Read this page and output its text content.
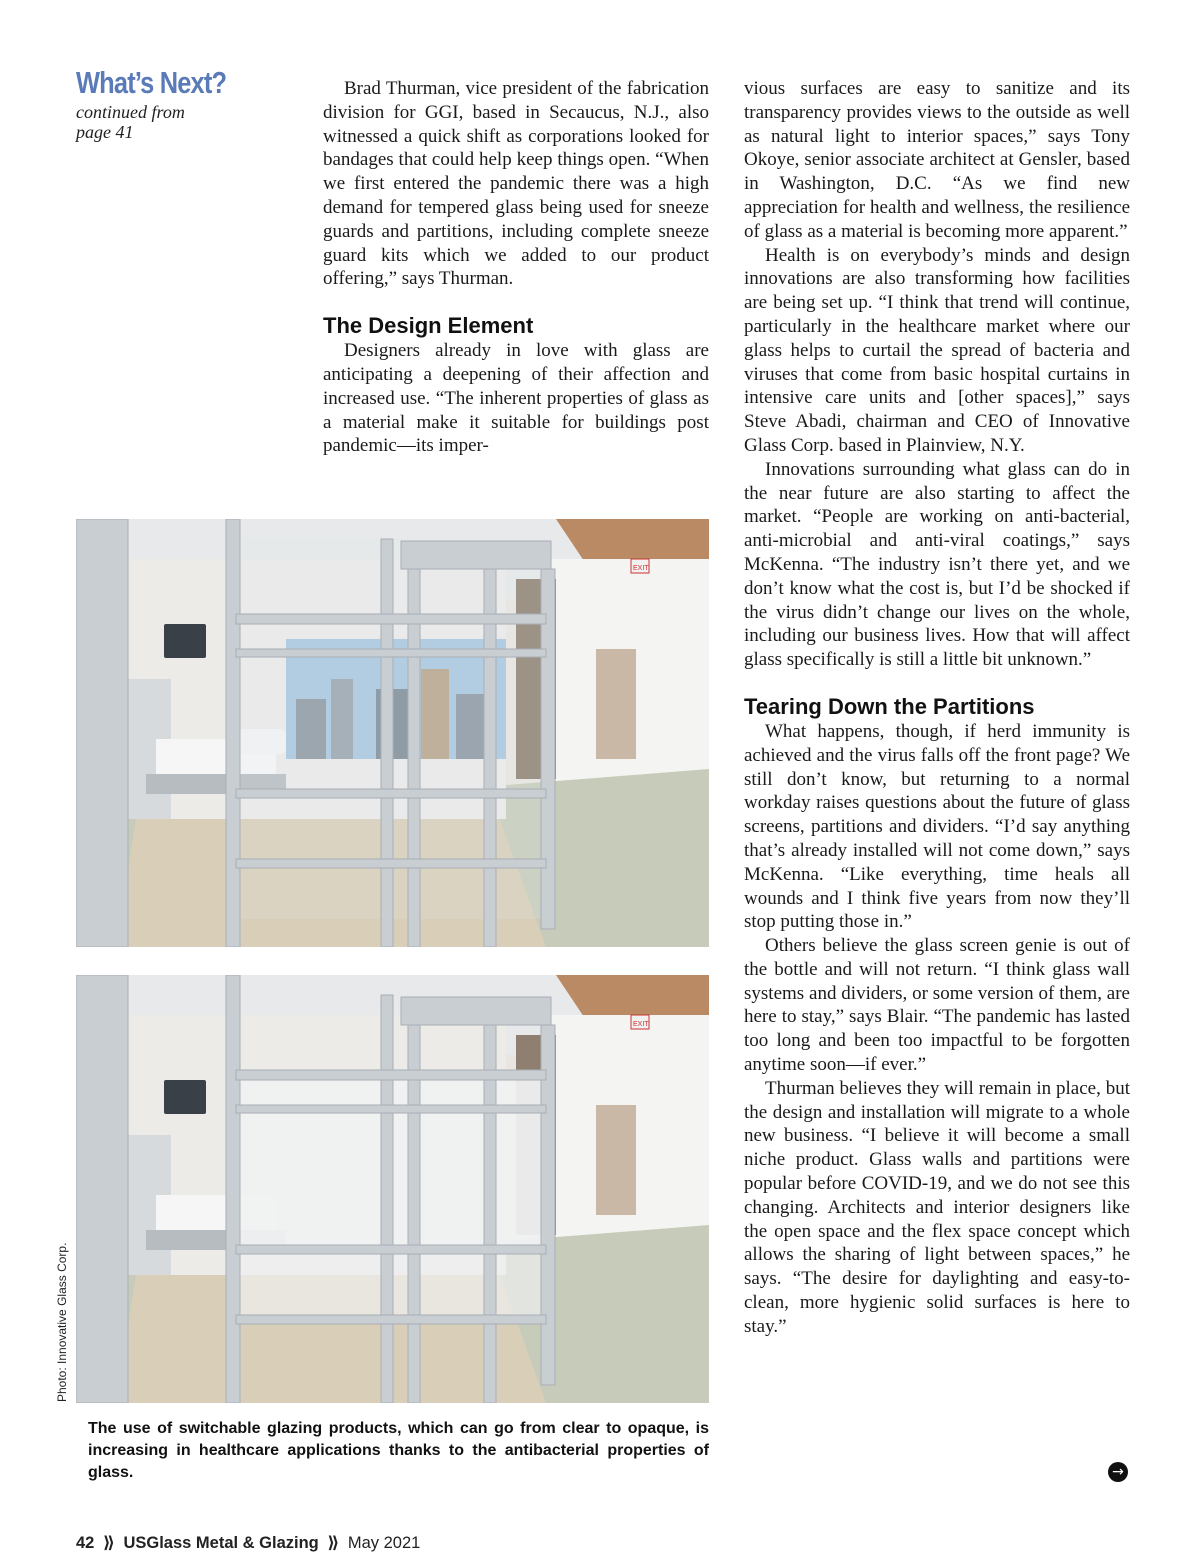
What’s Next?
continued from page 41

Brad Thurman, vice president of the fabrication division for GGI, based in Secaucus, N.J., also witnessed a quick shift as corporations looked for bandages that could help keep things open. “When we first entered the pandemic there was a high demand for tempered glass being used for sneeze guards and partitions, including complete sneeze guard kits which we added to our product offering,” says Thurman.

The Design Element

Designers already in love with glass are anticipating a deepening of their affection and increased use. “The inherent properties of glass as a material make it suitable for buildings post pandemic—its imper-

vious surfaces are easy to sanitize and its transparency provides views to the outside as well as natural light to interior spaces,” says Tony Okoye, senior associate architect at Gensler, based in Washington, D.C. “As we find new appreciation for health and wellness, the resilience of glass as a material is becoming more apparent.”

Health is on everybody’s minds and design innovations are also transforming how facilities are being set up. “I think that trend will continue, particularly in the healthcare market where our glass helps to curtail the spread of bacteria and viruses that come from basic hospital curtains in intensive care units and [other spaces],” says Steve Abadi, chairman and CEO of Innovative Glass Corp. based in Plainview, N.Y.

Innovations surrounding what glass can do in the near future are also starting to affect the market. “People are working on anti-bacterial, anti-microbial and anti-viral coatings,” says McKenna. “The industry isn’t there yet, and we don’t know what the cost is, but I’d be shocked if the virus didn’t change our lives on the whole, including our business lives. How that will affect glass specifically is still a little bit unknown.”

Tearing Down the Partitions

What happens, though, if herd immunity is achieved and the virus falls off the front page? We still don’t know, but returning to a normal workday raises questions about the future of glass screens, partitions and dividers. “I’d say anything that’s already installed will not come down,” says McKenna. “Like everything, time heals all wounds and I think five years from now they’ll stop putting those in.”

Others believe the glass screen genie is out of the bottle and will not return. “I think glass wall systems and dividers, or some version of them, are here to stay,” says Blair. “The pandemic has lasted too long and been too impactful to be forgotten anytime soon—if ever.”

Thurman believes they will remain in place, but the design and installation will migrate to a whole new business. “I believe it will become a small niche product. Glass walls and partitions were popular before COVID-19, and we do not see this changing. Architects and interior designers like the open space and the flex space concept which allows the sharing of light between spaces,” he says. “The desire for daylighting and easy-to-clean, more hygienic solid surfaces is here to stay.”

EXIT
EXIT
Photo: Innovative Glass Corp.
The use of switchable glazing products, which can go from clear to opaque, is increasing in healthcare applications thanks to the antibacterial properties of glass.	→
42 ⟫ USGlass Metal & Glazing ⟫ May 2021
